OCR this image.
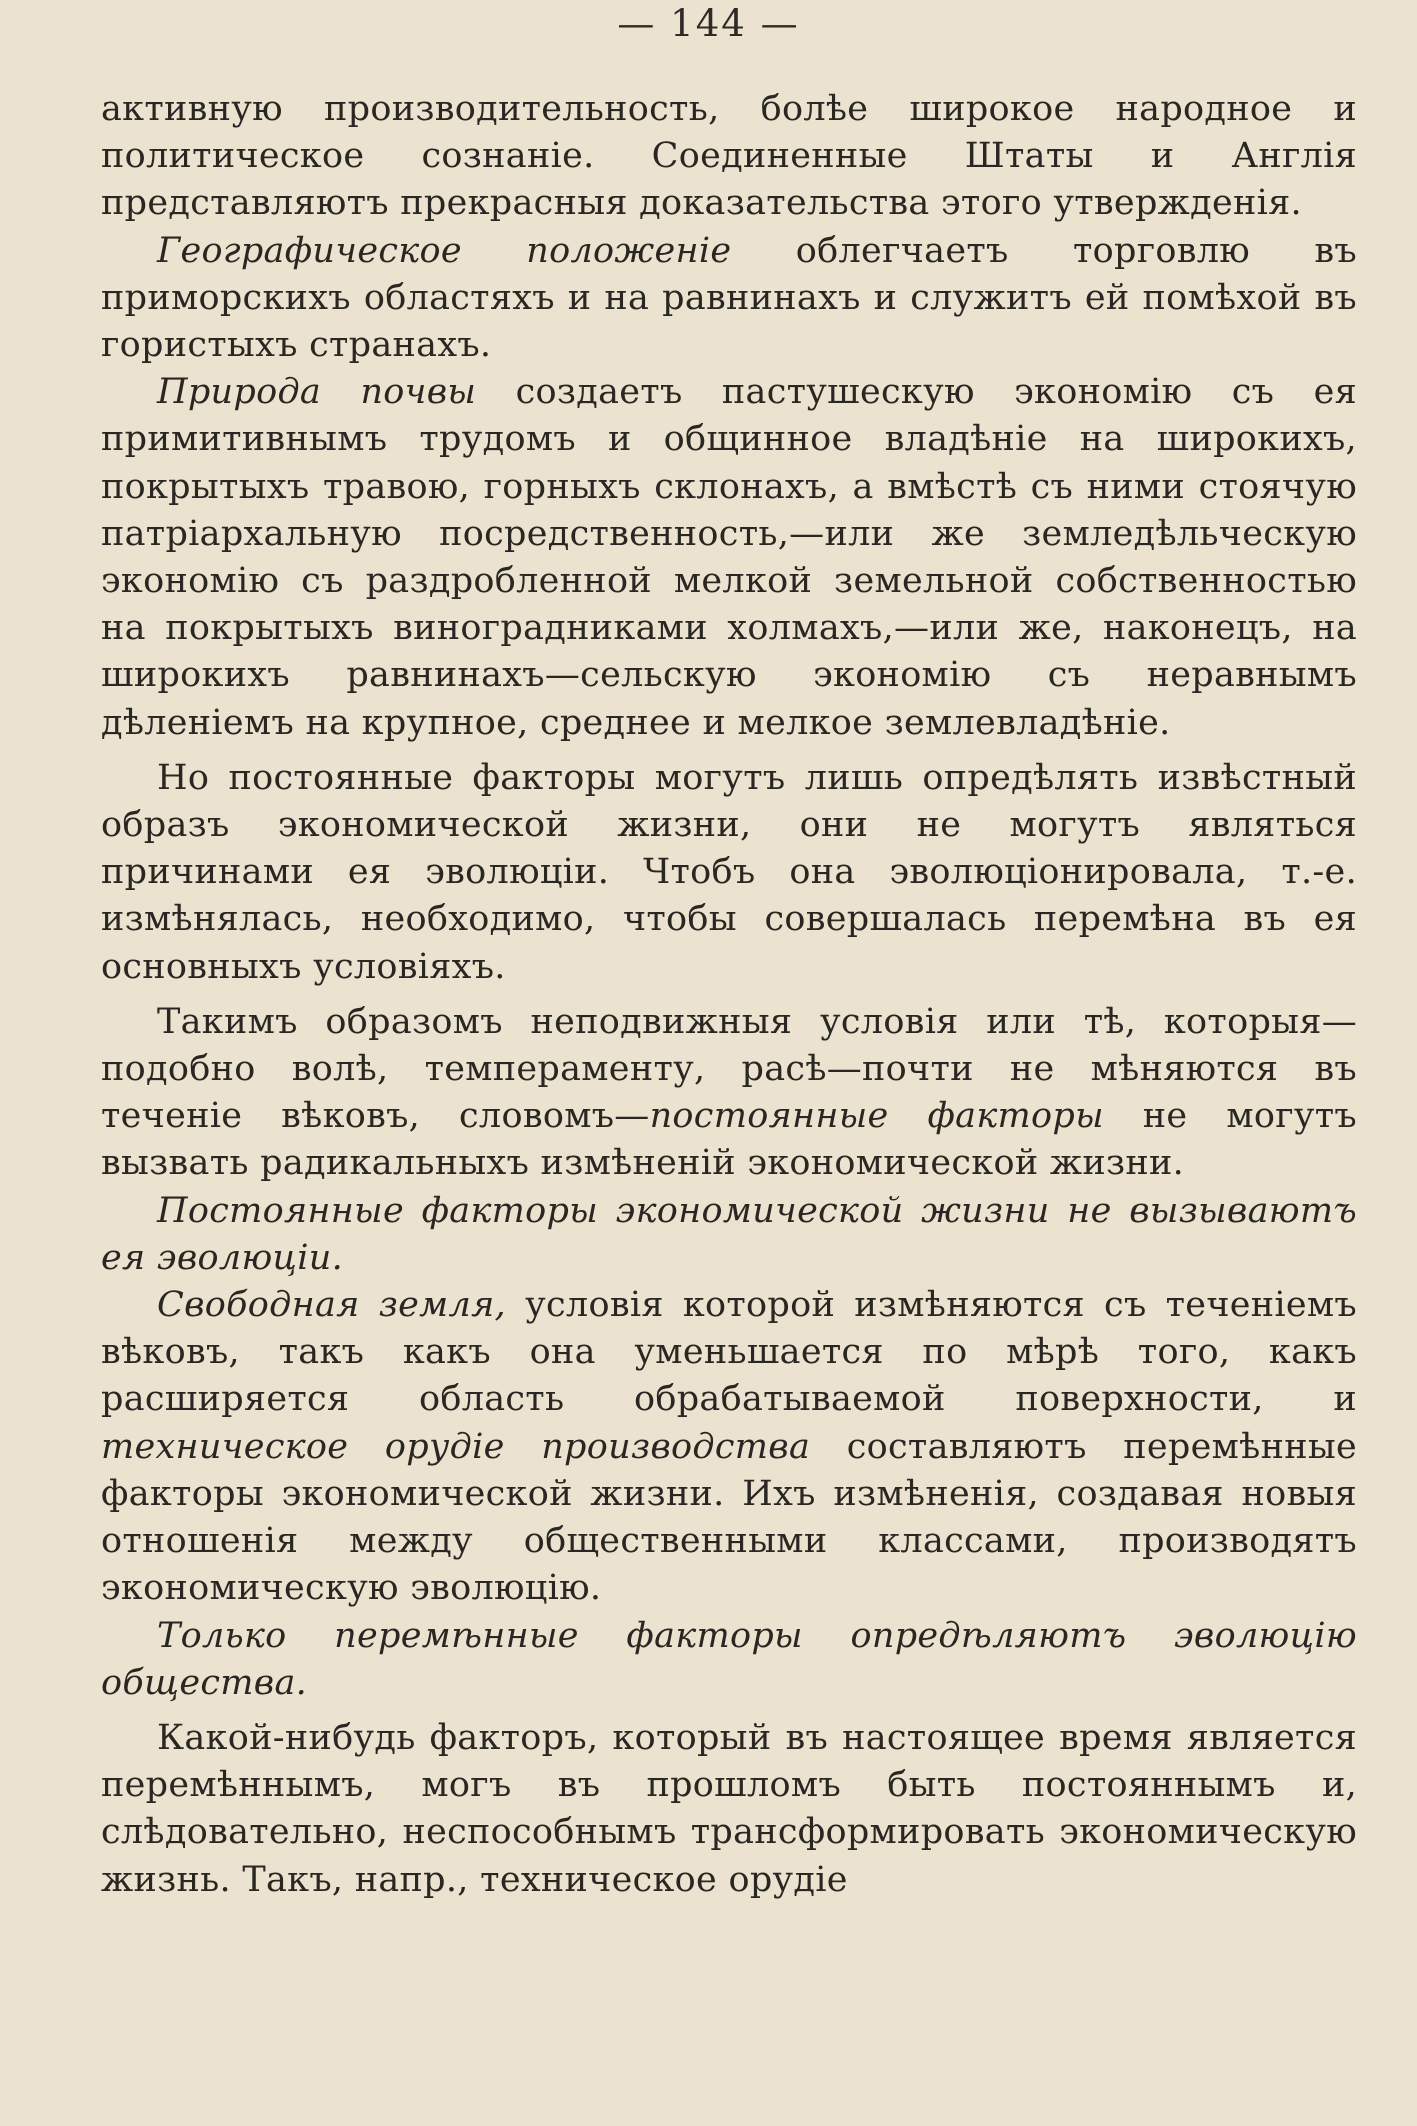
— 144 —

активную производительность, болѣе широкое народное и политическое сознаніе. Соединенные Штаты и Англія представляютъ прекрасныя доказательства этого утвержденія.

Географическое положеніе облегчаетъ торговлю въ приморскихъ областяхъ и на равнинахъ и служитъ ей помѣхой въ гористыхъ странахъ.

Природа почвы создаетъ пастушескую экономію съ ея примитивнымъ трудомъ и общинное владѣніе на широкихъ, покрытыхъ травою, горныхъ склонахъ, а вмѣстѣ съ ними стоячую патріархальную посредственность,—или же земледѣльческую экономію съ раздробленной мелкой земельной собственностью на покрытыхъ виноградниками холмахъ,—или же, наконецъ, на широкихъ равнинахъ—сельскую экономію съ неравнымъ дѣленіемъ на крупное, среднее и мелкое землевладѣніе.

Но постоянные факторы могутъ лишь опредѣлять извѣстный образъ экономической жизни, они не могутъ являться причинами ея эволюціи. Чтобъ она эволюціонировала, т.-е. измѣнялась, необходимо, чтобы совершалась перемѣна въ ея основныхъ условіяхъ.

Такимъ образомъ неподвижныя условія или тѣ, которыя—подобно волѣ, темпераменту, расѣ—почти не мѣняются въ теченіе вѣковъ, словомъ—постоянные факторы не могутъ вызвать радикальныхъ измѣненій экономической жизни.

Постоянные факторы экономической жизни не вызываютъ ея эволюціи.

Свободная земля, условія которой измѣняются съ теченіемъ вѣковъ, такъ какъ она уменьшается по мѣрѣ того, какъ расширяется область обрабатываемой поверхности, и техническое орудіе производства составляютъ перемѣнные факторы экономической жизни. Ихъ измѣненія, создавая новыя отношенія между общественными классами, производятъ экономическую эволюцію.

Только перемѣнные факторы опредѣляютъ эволюцію общества.

Какой-нибудь факторъ, который въ настоящее время является перемѣннымъ, могъ въ прошломъ быть постояннымъ и, слѣдовательно, неспособнымъ трансформировать экономическую жизнь. Такъ, напр., техническое орудіе
